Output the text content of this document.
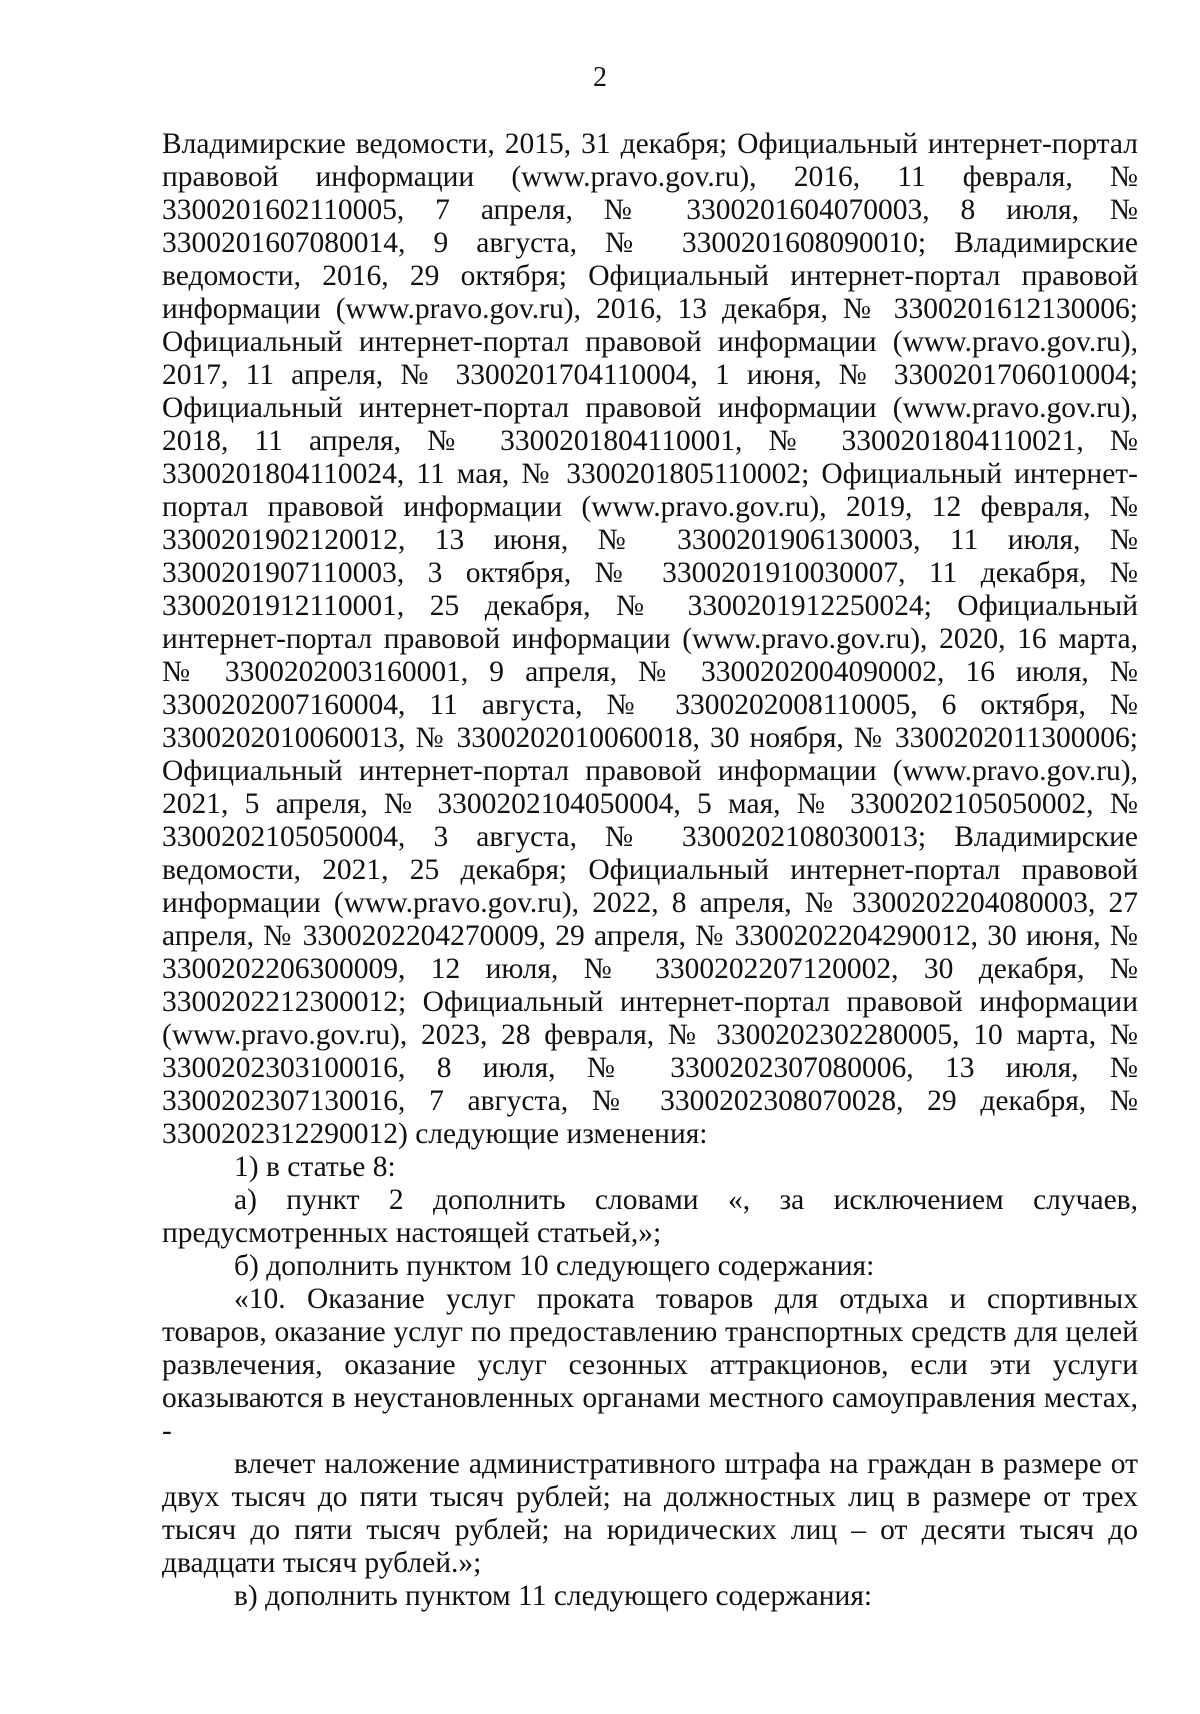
2

Владимирские ведомости, 2015, 31 декабря; Официальный интернет-портал правовой информации (www.pravo.gov.ru), 2016, 11 февраля, № 3300201602110005, 7 апреля, № 3300201604070003, 8 июля, № 3300201607080014, 9 августа, № 3300201608090010; Владимирские ведомости, 2016, 29 октября; Официальный интернет-портал правовой информации (www.pravo.gov.ru), 2016, 13 декабря, № 3300201612130006; Официальный интернет-портал правовой информации (www.pravo.gov.ru), 2017, 11 апреля, № 3300201704110004, 1 июня, № 3300201706010004; Официальный интернет-портал правовой информации (www.pravo.gov.ru), 2018, 11 апреля, № 3300201804110001, № 3300201804110021, № 3300201804110024, 11 мая, № 3300201805110002; Официальный интернет-портал правовой информации (www.pravo.gov.ru), 2019, 12 февраля, № 3300201902120012, 13 июня, № 3300201906130003, 11 июля, № 3300201907110003, 3 октября, № 3300201910030007, 11 декабря, № 3300201912110001, 25 декабря, № 3300201912250024; Официальный интернет-портал правовой информации (www.pravo.gov.ru), 2020, 16 марта, № 3300202003160001, 9 апреля, № 3300202004090002, 16 июля, № 3300202007160004, 11 августа, № 3300202008110005, 6 октября, № 3300202010060013, № 3300202010060018, 30 ноября, № 3300202011300006; Официальный интернет-портал правовой информации (www.pravo.gov.ru), 2021, 5 апреля, № 3300202104050004, 5 мая, № 3300202105050002, № 3300202105050004, 3 августа, № 3300202108030013; Владимирские ведомости, 2021, 25 декабря; Официальный интернет-портал правовой информации (www.pravo.gov.ru), 2022, 8 апреля, № 3300202204080003, 27 апреля, № 3300202204270009, 29 апреля, № 3300202204290012, 30 июня, № 3300202206300009, 12 июля, № 3300202207120002, 30 декабря, № 3300202212300012; Официальный интернет-портал правовой информации (www.pravo.gov.ru), 2023, 28 февраля, № 3300202302280005, 10 марта, № 3300202303100016, 8 июля, № 3300202307080006, 13 июля, № 3300202307130016, 7 августа, № 3300202308070028, 29 декабря, № 3300202312290012) следующие изменения:

1) в статье 8:

а) пункт 2 дополнить словами «, за исключением случаев, предусмотренных настоящей статьей,»;

б) дополнить пунктом 10 следующего содержания:

«10. Оказание услуг проката товаров для отдыха и спортивных товаров, оказание услуг по предоставлению транспортных средств для целей развлечения, оказание услуг сезонных аттракционов, если эти услуги оказываются в неустановленных органами местного самоуправления местах, -

влечет наложение административного штрафа на граждан в размере от двух тысяч до пяти тысяч рублей; на должностных лиц в размере от трех тысяч до пяти тысяч рублей; на юридических лиц – от десяти тысяч до двадцати тысяч рублей.»;

в) дополнить пунктом 11 следующего содержания:
